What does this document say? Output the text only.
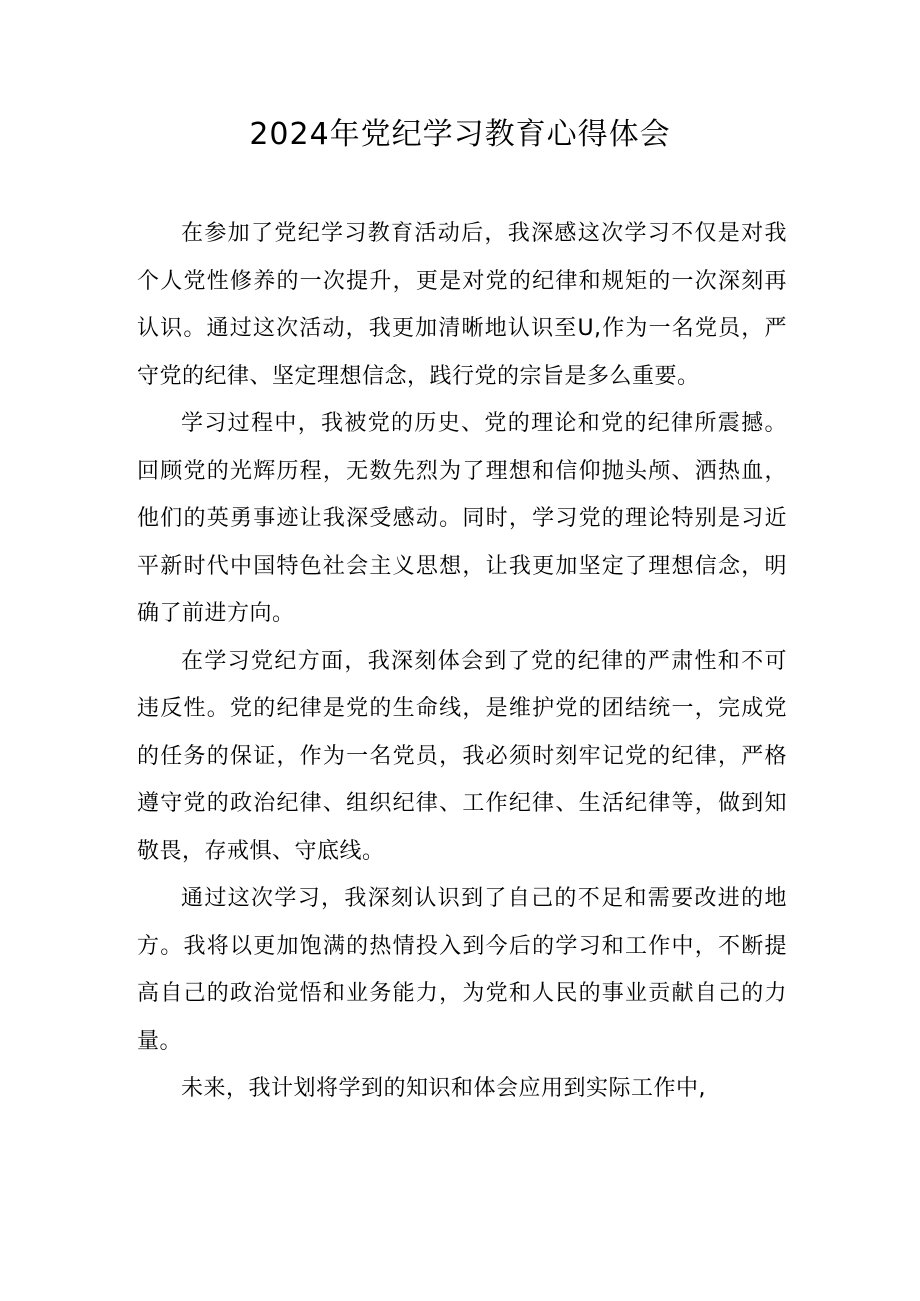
2024年党纪学习教育心得体会

在参加了党纪学习教育活动后，我深感这次学习不仅是对我个人党性修养的一次提升，更是对党的纪律和规矩的一次深刻再认识。通过这次活动，我更加清晰地认识至U,作为一名党员，严守党的纪律、坚定理想信念，践行党的宗旨是多么重要。

学习过程中，我被党的历史、党的理论和党的纪律所震撼。回顾党的光辉历程，无数先烈为了理想和信仰抛头颅、洒热血，他们的英勇事迹让我深受感动。同时，学习党的理论特别是习近平新时代中国特色社会主义思想，让我更加坚定了理想信念，明确了前进方向。

在学习党纪方面，我深刻体会到了党的纪律的严肃性和不可违反性。党的纪律是党的生命线，是维护党的团结统一，完成党的任务的保证，作为一名党员，我必须时刻牢记党的纪律，严格遵守党的政治纪律、组织纪律、工作纪律、生活纪律等，做到知敬畏，存戒惧、守底线。

通过这次学习，我深刻认识到了自己的不足和需要改进的地方。我将以更加饱满的热情投入到今后的学习和工作中，不断提高自己的政治觉悟和业务能力，为党和人民的事业贡献自己的力量。

未来，我计划将学到的知识和体会应用到实际工作中,
